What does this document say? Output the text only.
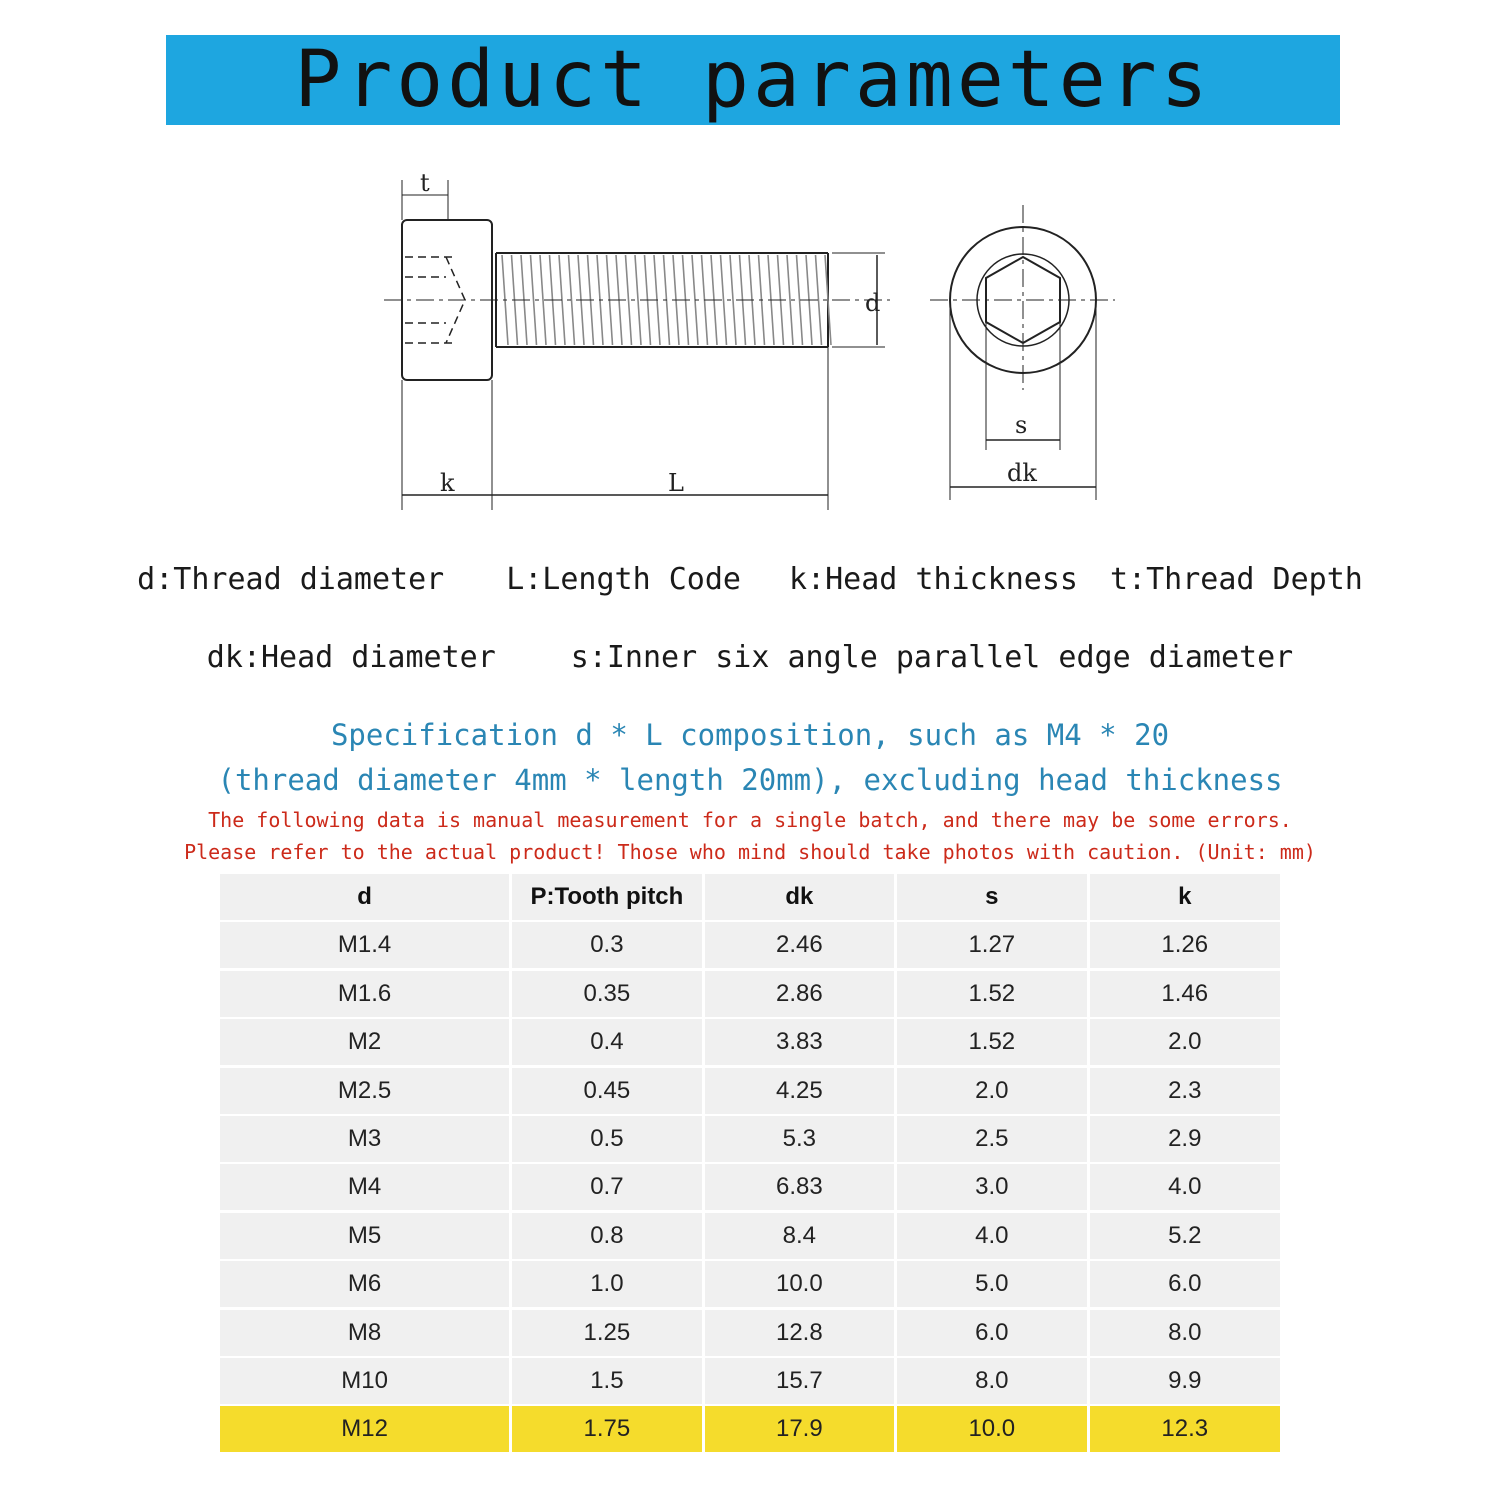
Product parameters
t
d
k	L
s
dk
d:Thread diameter L:Length Code k:Head thickness t:Thread Depth
dk:Head diameter	s:Inner six angle parallel edge diameter
Specification d * L composition, such as M4 * 20
(thread diameter 4mm * length 20mm), excluding head thickness
The following data is manual measurement for a single batch, and there may be some errors.
Please refer to the actual product! Those who mind should take photos with caution. (Unit: mm)
d	P:Tooth pitch	dk	s	k
M1.4	0.3	2.46	1.27	1.26
M1.6	0.35	2.86	1.52	1.46
M2	0.4	3.83	1.52	2.0
M2.5	0.45	4.25	2.0	2.3
M3	0.5	5.3	2.5	2.9
M4	0.7	6.83	3.0	4.0
M5	0.8	8.4	4.0	5.2
M6	1.0	10.0	5.0	6.0
M8	1.25	12.8	6.0	8.0
M10	1.5	15.7	8.0	9.9
M12	1.75	17.9	10.0	12.3
